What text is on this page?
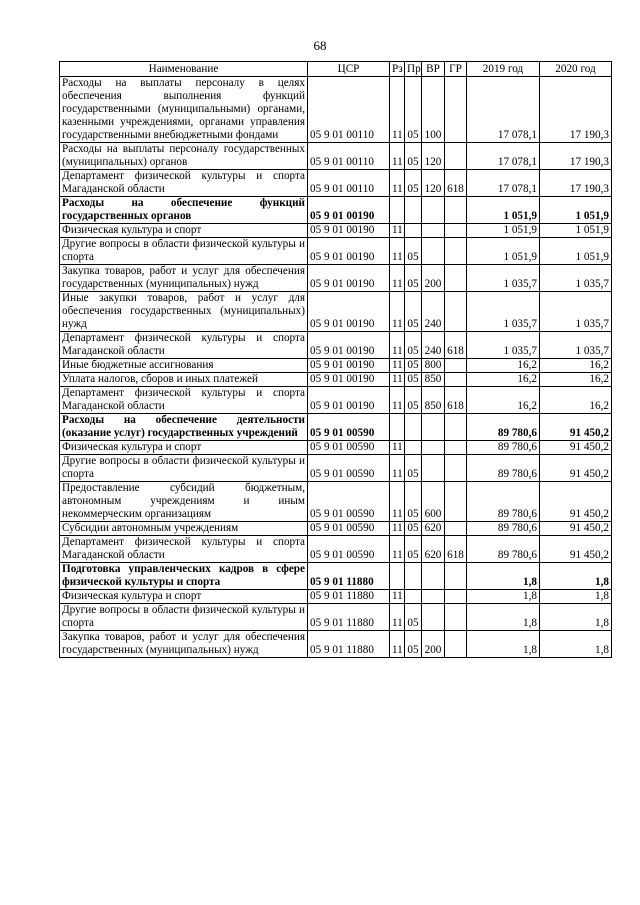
68
Наименование	ЦСР	Рз	Пр	ВР	ГР	2019 год	2020 год
Расходы на выплаты персоналу в целях обеспечения выполнения функций государственными (муниципальными) органами, казенными учреждениями, органами управления государственными внебюджетными фондами	05 9 01 00110	11	05	100		17 078,1	17 190,3
Расходы на выплаты персоналу государственных (муниципальных) органов	05 9 01 00110	11	05	120		17 078,1	17 190,3
Департамент физической культуры и спорта Магаданской области	05 9 01 00110	11	05	120	618	17 078,1	17 190,3
Расходы на обеспечение функций государственных органов	05 9 01 00190					1 051,9	1 051,9
Физическая культура и спорт	05 9 01 00190	11				1 051,9	1 051,9
Другие вопросы в области физической культуры и спорта	05 9 01 00190	11	05			1 051,9	1 051,9
Закупка товаров, работ и услуг для обеспечения государственных (муниципальных) нужд	05 9 01 00190	11	05	200		1 035,7	1 035,7
Иные закупки товаров, работ и услуг для обеспечения государственных (муниципальных) нужд	05 9 01 00190	11	05	240		1 035,7	1 035,7
Департамент физической культуры и спорта Магаданской области	05 9 01 00190	11	05	240	618	1 035,7	1 035,7
Иные бюджетные ассигнования	05 9 01 00190	11	05	800		16,2	16,2
Уплата налогов, сборов и иных платежей	05 9 01 00190	11	05	850		16,2	16,2
Департамент физической культуры и спорта Магаданской области	05 9 01 00190	11	05	850	618	16,2	16,2
Расходы на обеспечение деятельности (оказание услуг) государственных учреждений	05 9 01 00590					89 780,6	91 450,2
Физическая культура и спорт	05 9 01 00590	11				89 780,6	91 450,2
Другие вопросы в области физической культуры и спорта	05 9 01 00590	11	05			89 780,6	91 450,2
Предоставление субсидий бюджетным, автономным учреждениям и иным некоммерческим организациям	05 9 01 00590	11	05	600		89 780,6	91 450,2
Субсидии автономным учреждениям	05 9 01 00590	11	05	620		89 780,6	91 450,2
Департамент физической культуры и спорта Магаданской области	05 9 01 00590	11	05	620	618	89 780,6	91 450,2
Подготовка управленческих кадров в сфере физической культуры и спорта	05 9 01 11880					1,8	1,8
Физическая культура и спорт	05 9 01 11880	11				1,8	1,8
Другие вопросы в области физической культуры и спорта	05 9 01 11880	11	05			1,8	1,8
Закупка товаров, работ и услуг для обеспечения государственных (муниципальных) нужд	05 9 01 11880	11	05	200		1,8	1,8
